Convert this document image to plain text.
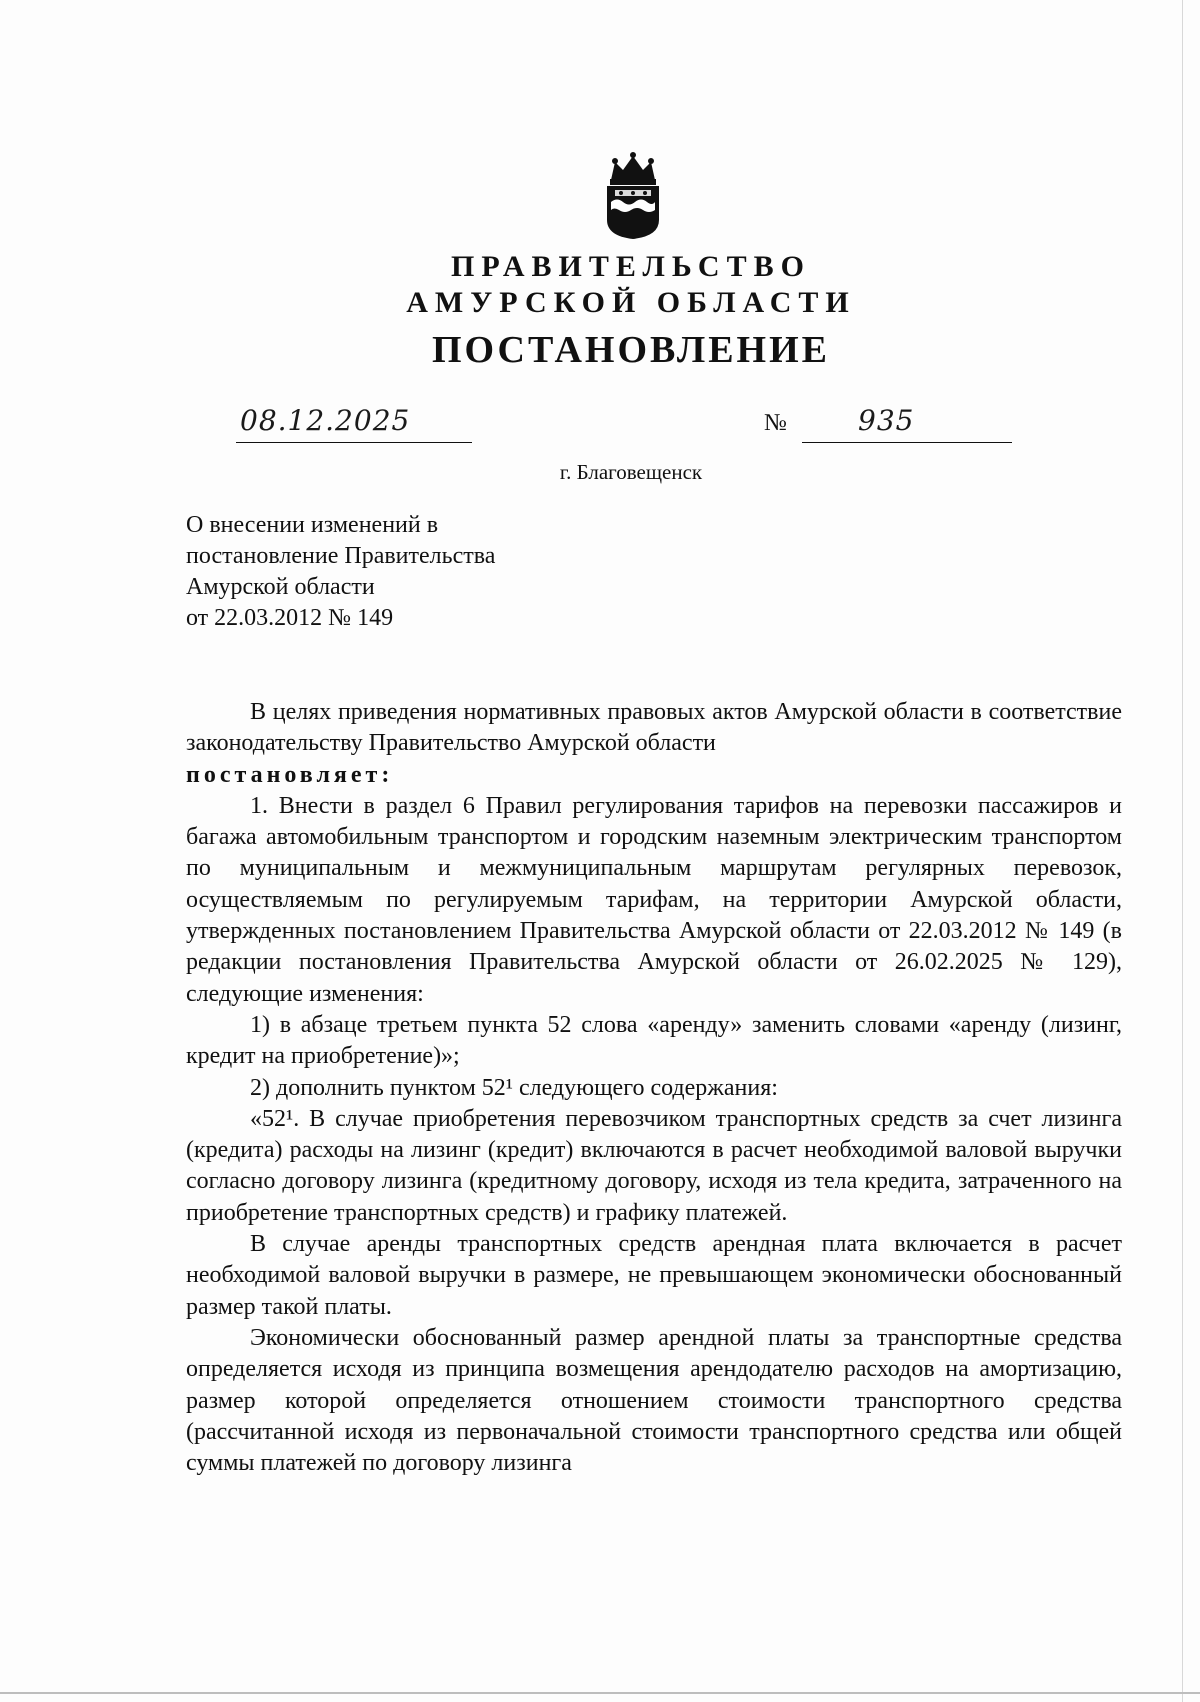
ПРАВИТЕЛЬСТВО
АМУРСКОЙ ОБЛАСТИ
ПОСТАНОВЛЕНИЕ
08.12.2025	№	935
г. Благовещенск
О внесении изменений в
постановление Правительства
Амурской области
от 22.03.2012 № 149

В целях приведения нормативных правовых актов Амурской области в соответствие законодательству Правительство Амурской области

постановляет:

1. Внести в раздел 6 Правил регулирования тарифов на перевозки пассажиров и багажа автомобильным транспортом и городским наземным электрическим транспортом по муниципальным и межмуниципальным маршрутам регулярных перевозок, осуществляемым по регулируемым тарифам, на территории Амурской области, утвержденных постановлением Правительства Амурской области от 22.03.2012 № 149 (в редакции постановления Правительства Амурской области от 26.02.2025 № 129), следующие изменения:

1) в абзаце третьем пункта 52 слова «аренду» заменить словами «аренду (лизинг, кредит на приобретение)»;

2) дополнить пунктом 52¹ следующего содержания:

«52¹. В случае приобретения перевозчиком транспортных средств за счет лизинга (кредита) расходы на лизинг (кредит) включаются в расчет необходимой валовой выручки согласно договору лизинга (кредитному договору, исходя из тела кредита, затраченного на приобретение транспортных средств) и графику платежей.

В случае аренды транспортных средств арендная плата включается в расчет необходимой валовой выручки в размере, не превышающем экономически обоснованный размер такой платы.

Экономически обоснованный размер арендной платы за транспортные средства определяется исходя из принципа возмещения арендодателю расходов на амортизацию, размер которой определяется отношением стоимости транспортного средства (рассчитанной исходя из первоначальной стоимости транспортного средства или общей суммы платежей по договору лизинга
